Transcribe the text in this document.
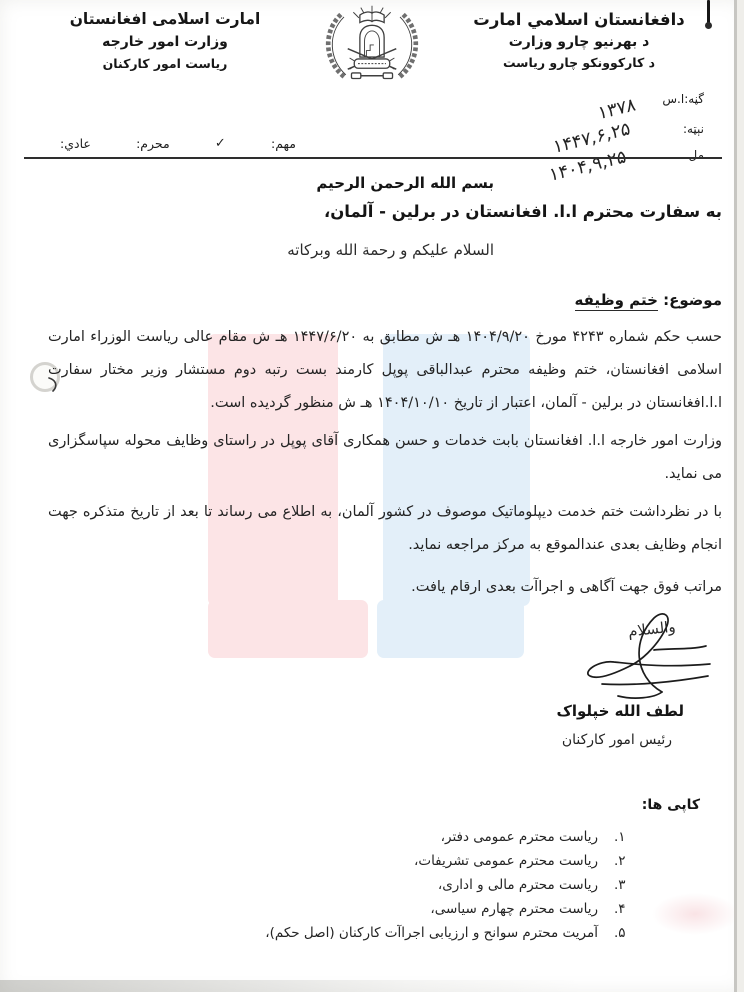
دافغانستان اسلامي امارت
د بهرنیو چارو وزارت
د کارکوونکو چارو ریاست
امارت اسلامی افغانستان
وزارت امور خارجه
ریاست امور کارکنان
گڼه:ا.س
نېټه:
مل
۱۳۷۸
۱۴۴۷,۶,۲۵
۱۴۰۴,۹,۲۵
مهم:
✓
محرم:
عادي:
بسم الله الرحمن الرحیم
به سفارت محترم ا.ا. افغانستان در برلین - آلمان،
السلام علیکم و رحمة الله وبرکاته
موضوع: ختم وظیفه
حسب حکم شماره ۴۲۴۳ مورخ ۱۴۰۴/۹/۲۰ هـ ش مطابق به ۱۴۴۷/۶/۲۰ هـ ش مقام عالی ریاست الوزراء امارت اسلامی افغانستان، ختم وظیفه محترم عبدالباقی پوپل کارمند بست رتبه دوم مستشار وزیر مختار سفارت ا.ا.افغانستان در برلین - آلمان، اعتبار از تاریخ ۱۴۰۴/۱۰/۱۰ هـ ش منظور گردیده است.
وزارت امور خارجه ا.ا. افغانستان بابت خدمات و حسن همکاری آقای پوپل در راستای وظایف محوله سپاسگزاری می نماید.
با در نظرداشت ختم خدمت دیپلوماتیک موصوف در کشور آلمان، به اطلاع می رساند تا بعد از تاریخ متذکره جهت انجام وظایف بعدی عندالموقع به مرکز مراجعه نماید.
مراتب فوق جهت آگاهی و اجراآت بعدی ارقام یافت.
والسلام
لطف الله خپلواک
رئیس امور کارکنان
کاپی ها:
۱.
ریاست محترم عمومی دفتر،
۲.
ریاست محترم عمومی تشریفات،
۳.
ریاست محترم مالی و اداری،
۴.
ریاست محترم چهارم سیاسی،
۵.
آمریت محترم سوانح و ارزیابی اجراآت کارکنان (اصل حکم)،
